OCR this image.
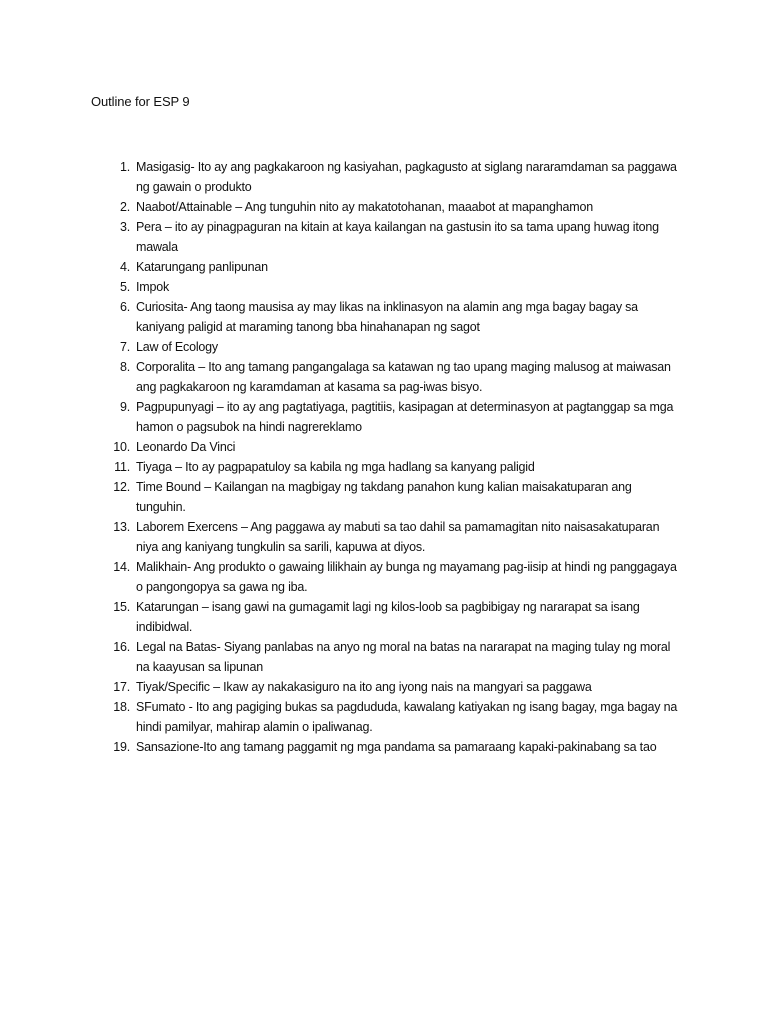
Outline for ESP 9
1. Masigasig- Ito ay ang pagkakaroon ng kasiyahan, pagkagusto at siglang nararamdaman sa paggawa ng gawain o produkto
2. Naabot/Attainable – Ang tunguhin nito ay makatotohanan, maaabot at mapanghamon
3. Pera – ito ay pinagpaguran na kitain at kaya kailangan na gastusin ito sa tama upang huwag itong mawala
4. Katarungang panlipunan
5. Impok
6. Curiosita- Ang taong mausisa ay may likas na inklinasyon na alamin ang mga bagay bagay sa kaniyang paligid at maraming tanong bba hinahanapan ng sagot
7. Law of Ecology
8. Corporalita – Ito ang tamang pangangalaga sa katawan ng tao upang maging malusog at maiwasan ang pagkakaroon ng karamdaman at kasama sa pag-iwas bisyo.
9. Pagpupunyagi – ito ay ang pagtatiyaga, pagtitiis, kasipagan at determinasyon at pagtanggap sa mga hamon o pagsubok na hindi nagrereklamo
10. Leonardo Da Vinci
11. Tiyaga – Ito ay pagpapatuloy sa kabila ng mga hadlang sa kanyang paligid
12. Time Bound – Kailangan na magbigay ng takdang panahon kung kalian maisakatuparan ang tunguhin.
13. Laborem Exercens – Ang paggawa ay mabuti sa tao dahil sa pamamagitan nito naisasakatuparan niya ang kaniyang tungkulin sa sarili, kapuwa at diyos.
14. Malikhain- Ang produkto o gawaing lilikhain ay bunga ng mayamang pag-iisip at hindi ng panggagaya o pangongopya sa gawa ng iba.
15. Katarungan – isang gawi na gumagamit lagi ng kilos-loob sa pagbibigay ng nararapat sa isang indibidwal.
16. Legal na Batas- Siyang panlabas na anyo ng moral na batas na nararapat na maging tulay ng moral na kaayusan sa lipunan
17. Tiyak/Specific – Ikaw ay nakakasiguro na ito ang iyong nais na mangyari sa paggawa
18. SFumato - Ito ang pagiging bukas sa pagdududa, kawalang katiyakan ng isang bagay, mga bagay na hindi pamilyar, mahirap alamin o ipaliwanag.
19. Sansazione-Ito ang tamang paggamit ng mga pandama sa pamaraang kapaki-pakinabang sa tao
